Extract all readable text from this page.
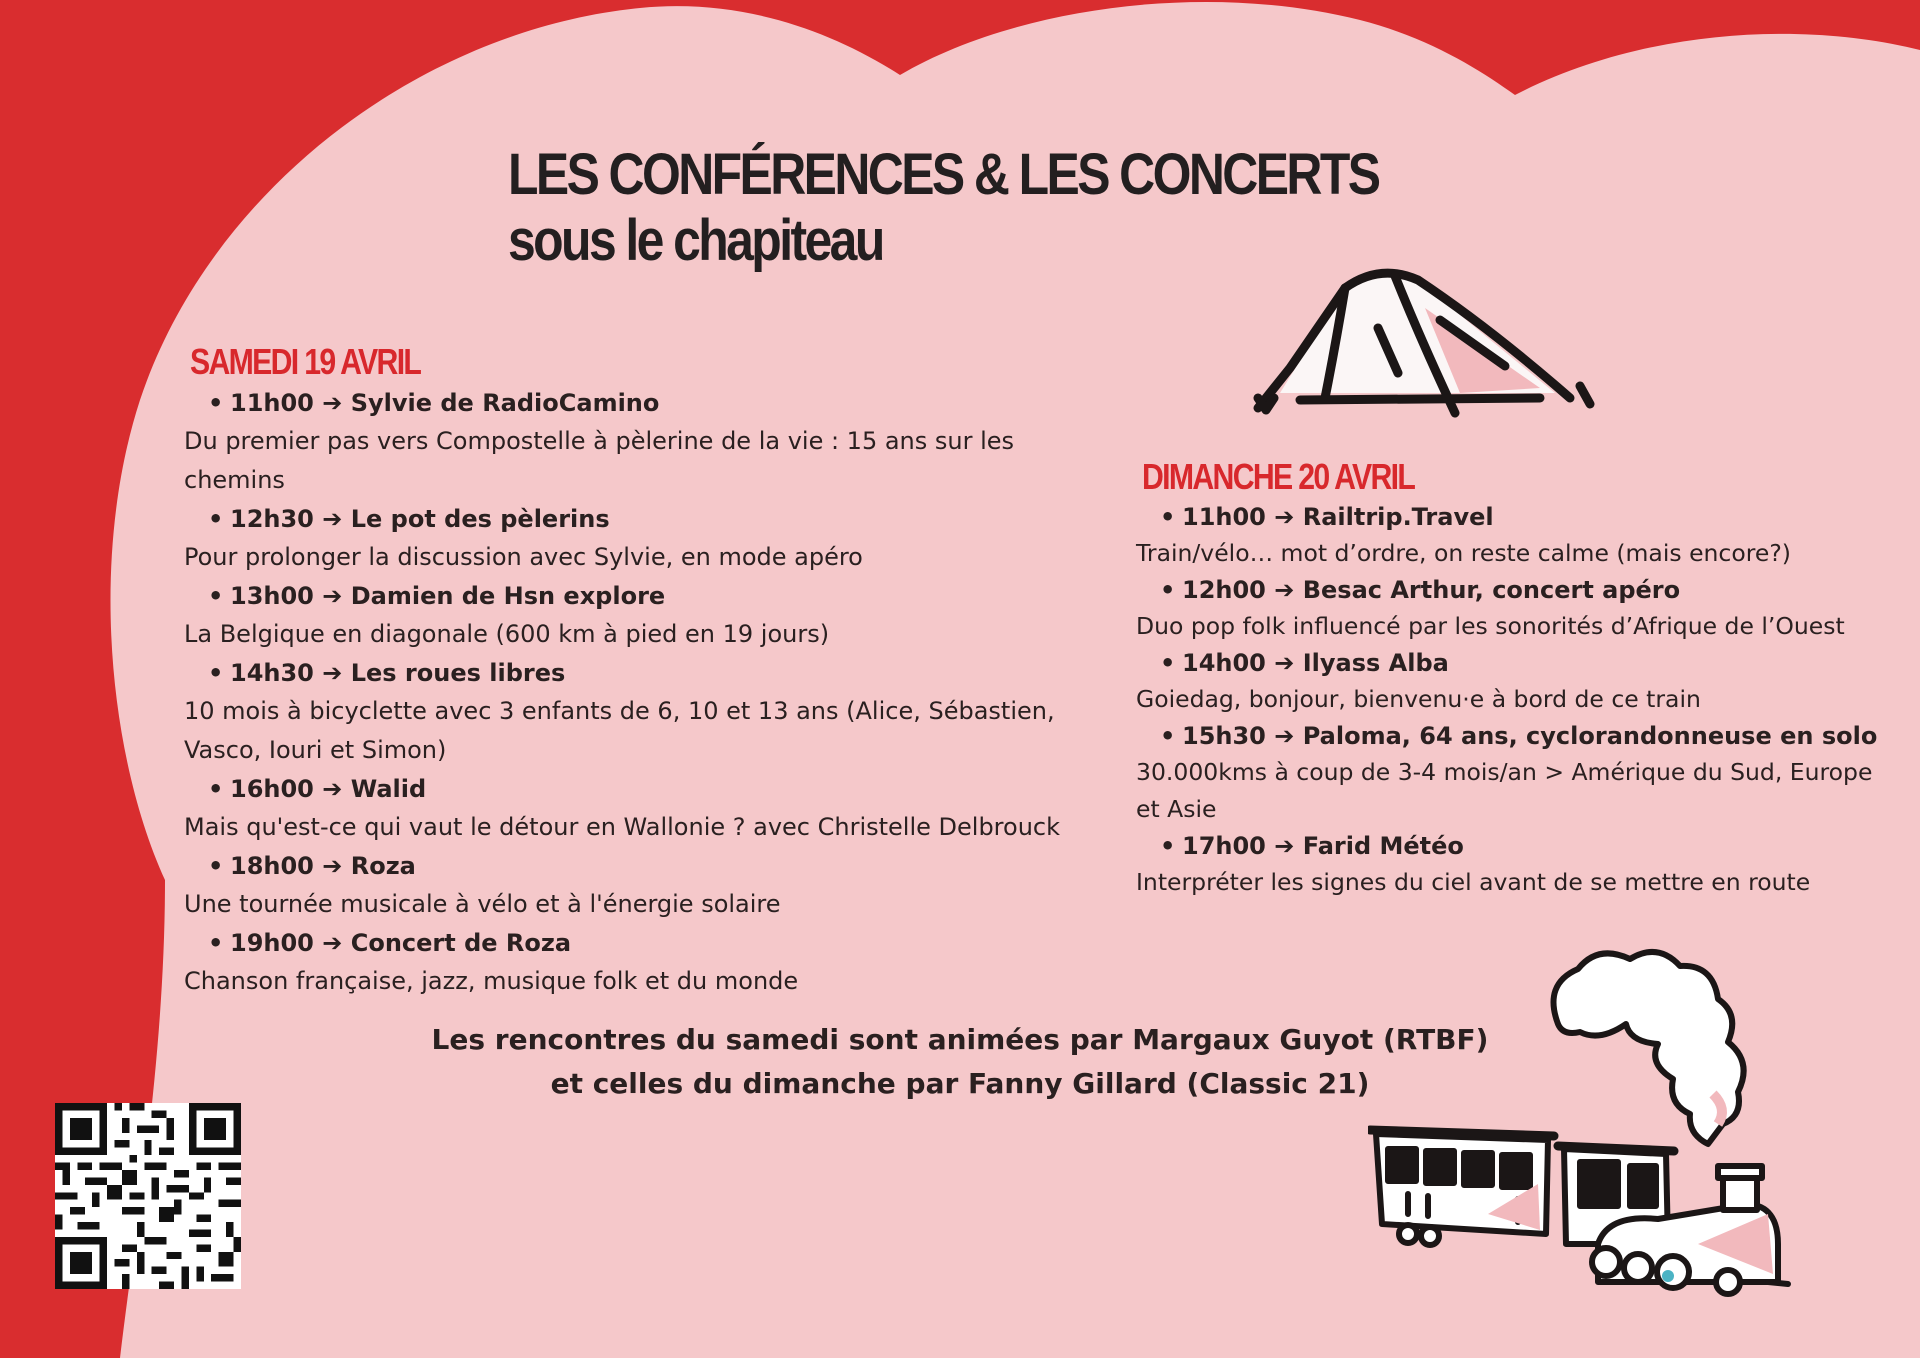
LES CONFÉRENCES & LES CONCERTS
sous le chapiteau
SAMEDI 19 AVRIL
• 11h00 ➔ Sylvie de RadioCamino
Du premier pas vers Compostelle à pèlerine de la vie : 15 ans sur les chemins
• 12h30 ➔ Le pot des pèlerins
Pour prolonger la discussion avec Sylvie, en mode apéro
• 13h00 ➔ Damien de Hsn explore
La Belgique en diagonale (600 km à pied en 19 jours)
• 14h30 ➔ Les roues libres
10 mois à bicyclette avec 3 enfants de 6, 10 et 13 ans (Alice, Sébastien, Vasco, Iouri et Simon)
• 16h00 ➔ Walid
Mais qu'est-ce qui vaut le détour en Wallonie ? avec Christelle Delbrouck
• 18h00 ➔ Roza
Une tournée musicale à vélo et à l'énergie solaire
• 19h00 ➔ Concert de Roza
Chanson française, jazz, musique folk et du monde
DIMANCHE 20 AVRIL
• 11h00 ➔ Railtrip.Travel
Train/vélo… mot d’ordre, on reste calme (mais encore?)
• 12h00 ➔ Besac Arthur, concert apéro
Duo pop folk influencé par les sonorités d’Afrique de l’Ouest
• 14h00 ➔ Ilyass Alba
Goiedag, bonjour, bienvenu·e à bord de ce train
• 15h30 ➔ Paloma, 64 ans, cyclorandonneuse en solo
30.000kms à coup de 3-4 mois/an > Amérique du Sud, Europe et Asie
• 17h00 ➔ Farid Météo
Interpréter les signes du ciel avant de se mettre en route
Les rencontres du samedi sont animées par Margaux Guyot (RTBF)
et celles du dimanche par Fanny Gillard (Classic 21)
